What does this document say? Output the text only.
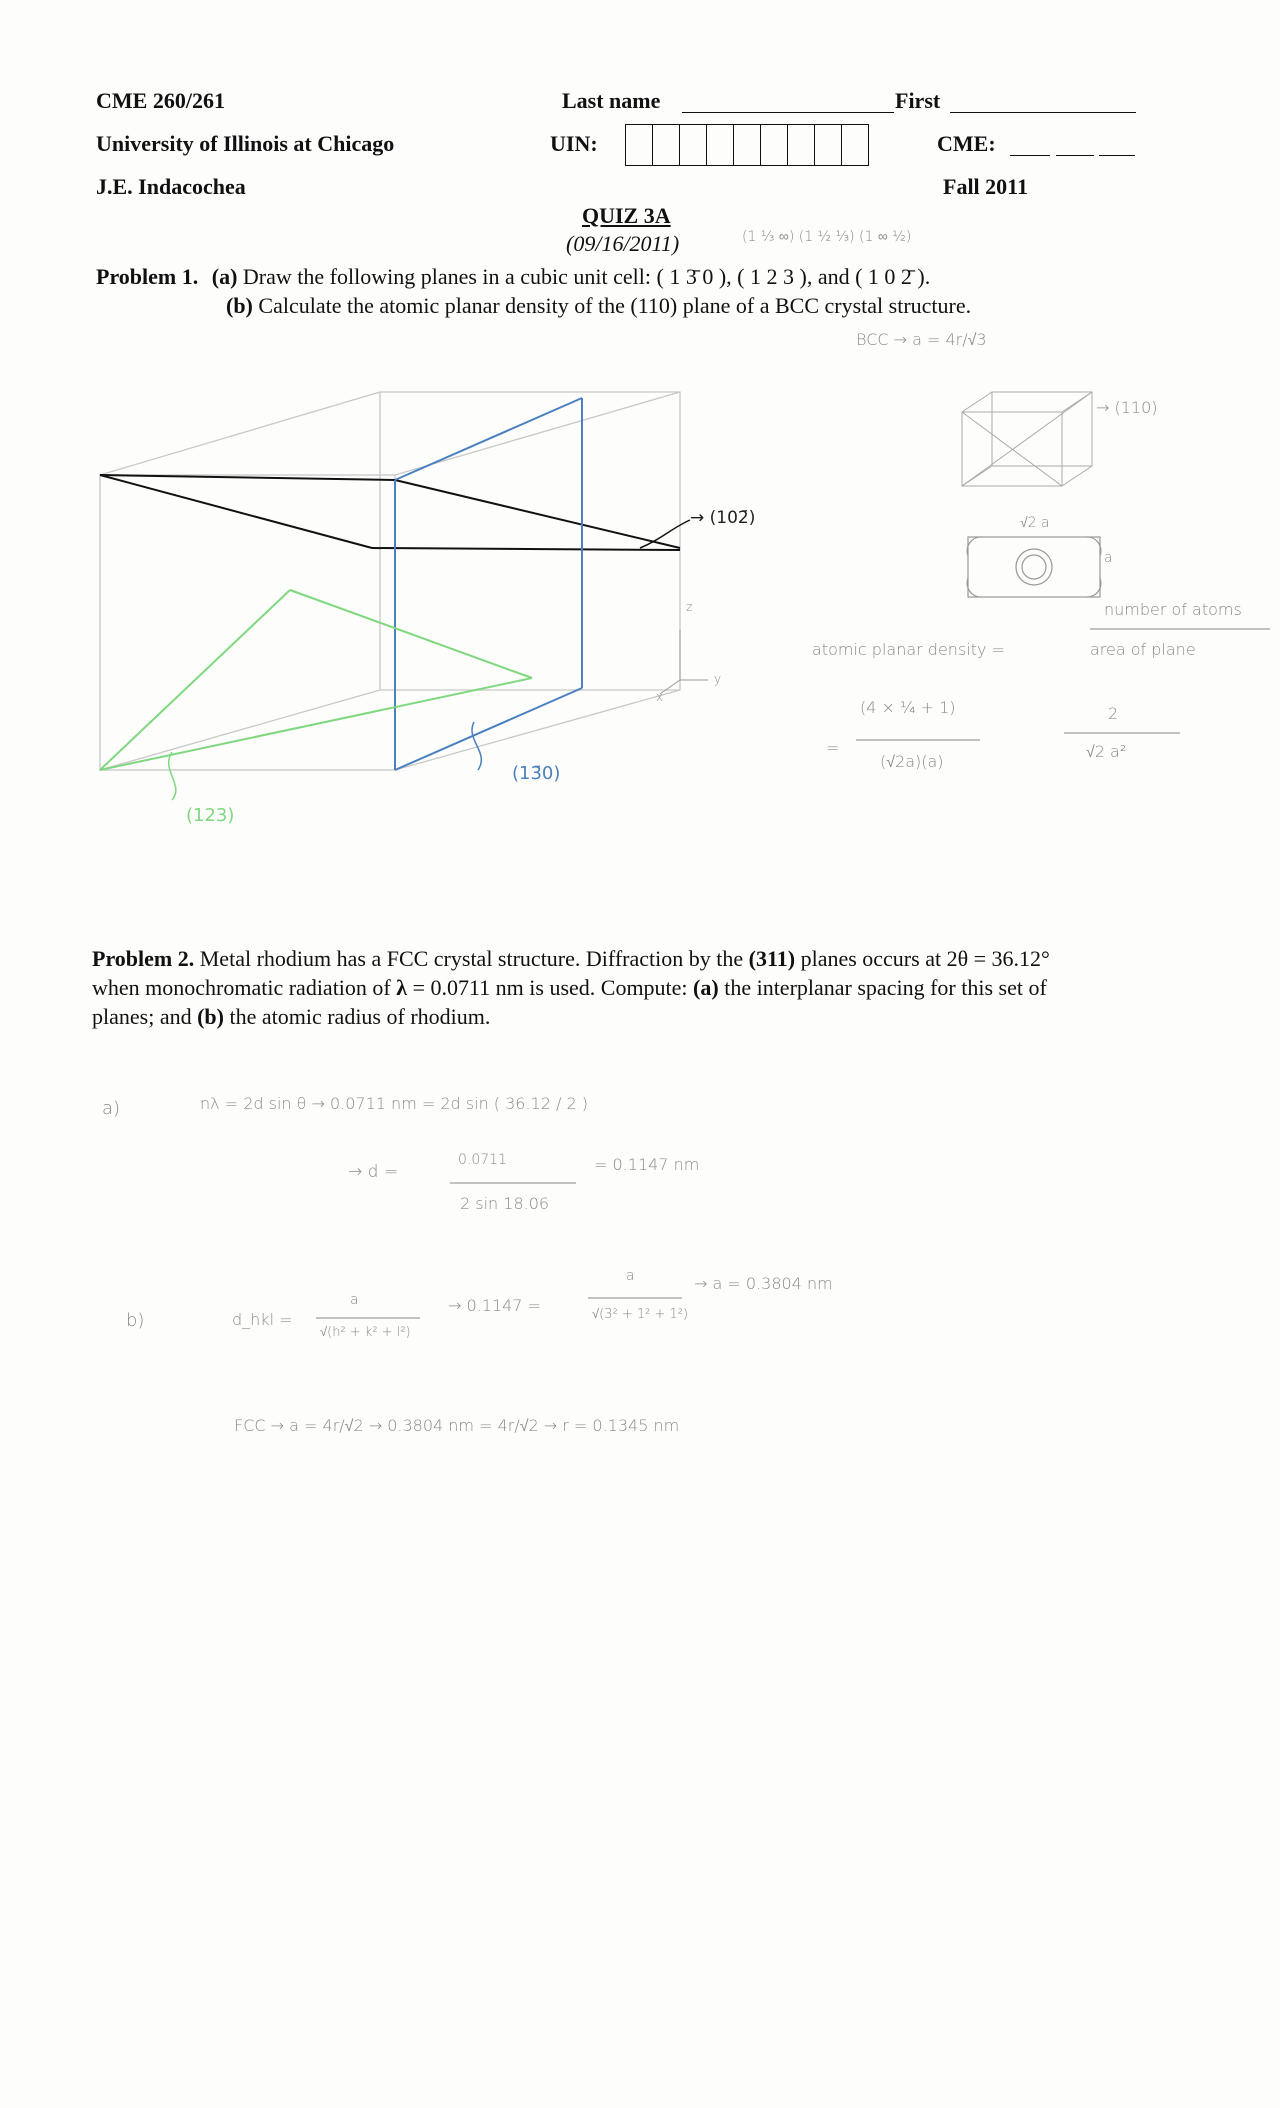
CME 260/261
University of Illinois at Chicago
J.E. Indacochea
Last name	First
UIN:	CME:
Fall 2011
QUIZ 3A
(09/16/2011)	(1 ⅓ ∞) (1 ½ ⅓) (1 ∞ ½)
Problem 1. (a) Draw the following planes in a cubic unit cell: ( 1 3̄ 0 ), ( 1 2 3 ), and ( 1 0 2̄ ).
(b) Calculate the atomic planar density of the (110) plane of a BCC crystal structure.
BCC → a = 4r/√3
→ (110)
√2 a
a
→ (102̄)
(123)
(13̄0)
z
x
y
atomic planar density =
number of atoms
area of plane
=
(4 × ¼ + 1)
(√2a)(a)
2
√2 a²
Problem 2. Metal rhodium has a FCC crystal structure. Diffraction by the (311) planes occurs at 2θ = 36.12°
when monochromatic radiation of λ = 0.0711 nm is used. Compute: (a) the interplanar spacing for this set of
planes; and (b) the atomic radius of rhodium.
a)	nλ = 2d sin θ → 0.0711 nm = 2d sin ( 36.12 / 2 )
→ d =
0.0711
2 sin 18.06
= 0.1147 nm
b)	d_hkl =
a
√(h² + k² + l²)
→ 0.1147 =
a
√(3² + 1² + 1²)
→ a = 0.3804 nm
FCC → a = 4r/√2 → 0.3804 nm = 4r/√2 → r = 0.1345 nm
